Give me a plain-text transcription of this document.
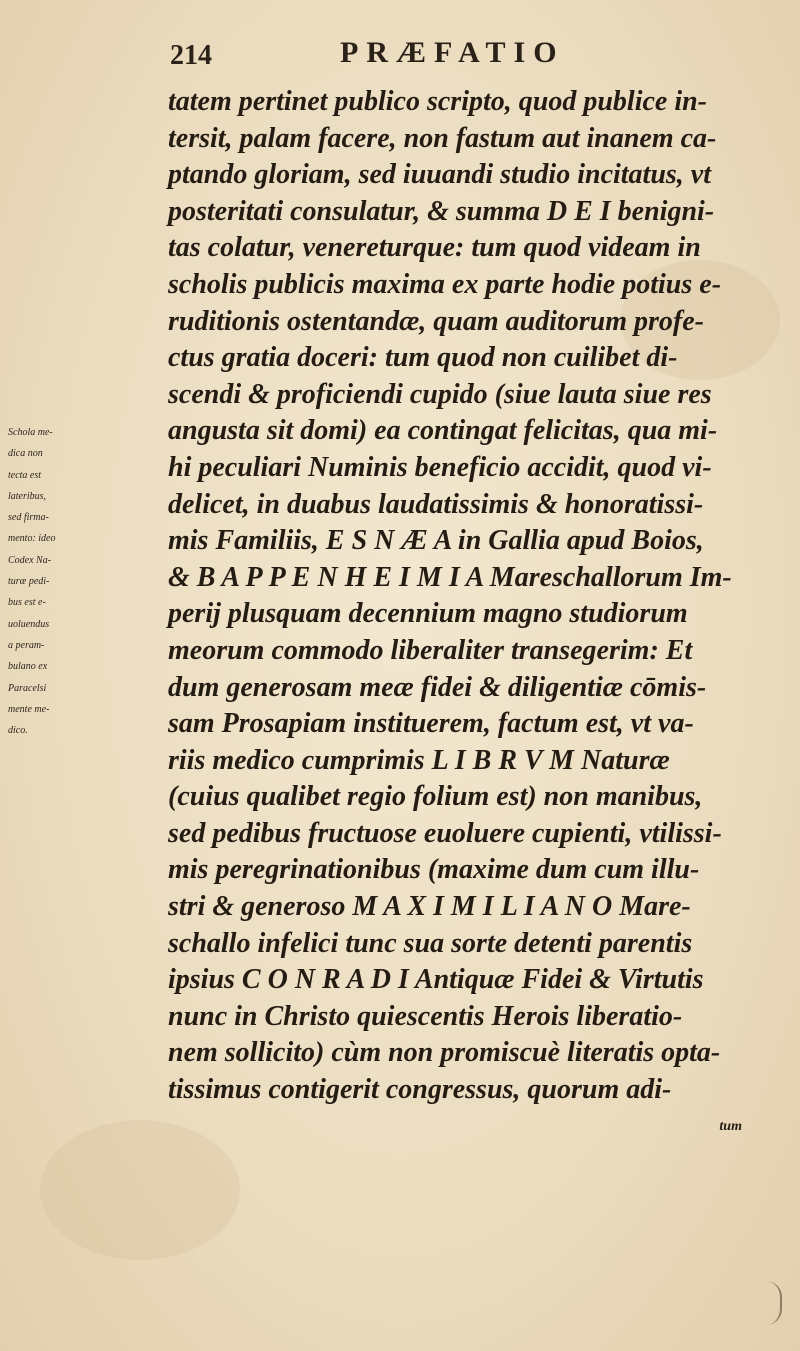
214	PRÆFATIO
tatem pertinet publico scripto, quod publice in-
tersit, palam facere, non fastum aut inanem ca-
ptando gloriam, sed iuuandi studio incitatus, vt
posteritati consulatur, & summa D E I benigni-
tas colatur, venereturque: tum quod videam in
scholis publicis maxima ex parte hodie potius e-
ruditionis ostentandæ, quam auditorum profe-
ctus gratia doceri: tum quod non cuilibet di-
scendi & proficiendi cupido (siue lauta siue res
angusta sit domi) ea contingat felicitas, qua mi-
hi peculiari Numinis beneficio accidit, quod vi-
delicet, in duabus laudatissimis & honoratissi-
mis Familiis, E S N Æ A in Gallia apud Boios,
& B A P P E N H E I M I A Mareschallorum Im-
perij plusquam decennium magno studiorum
meorum commodo liberaliter transegerim: Et
dum generosam meæ fidei & diligentiæ cōmis-
sam Prosapiam instituerem, factum est, vt va-
riis medico cumprimis L I B R V M Naturæ
(cuius qualibet regio folium est) non manibus,
sed pedibus fructuose euoluere cupienti, vtilissi-
mis peregrinationibus (maxime dum cum illu-
stri & generoso M A X I M I L I A N O Mare-
schallo infelici tunc sua sorte detenti parentis
ipsius C O N R A D I Antiquæ Fidei & Virtutis
nunc in Christo quiescentis Herois liberatio-
nem sollicito) cùm non promiscuè literatis opta-
tissimus contigerit congressus, quorum adi-
tum
Schola me-
dica non
tecta est
lateribus,
sed firma-
mento: ideo
Codex Na-
turæ pedi-
bus est e-
uoluendus
a peram-
bulano ex
Paracelsi
mente me-
dico.
